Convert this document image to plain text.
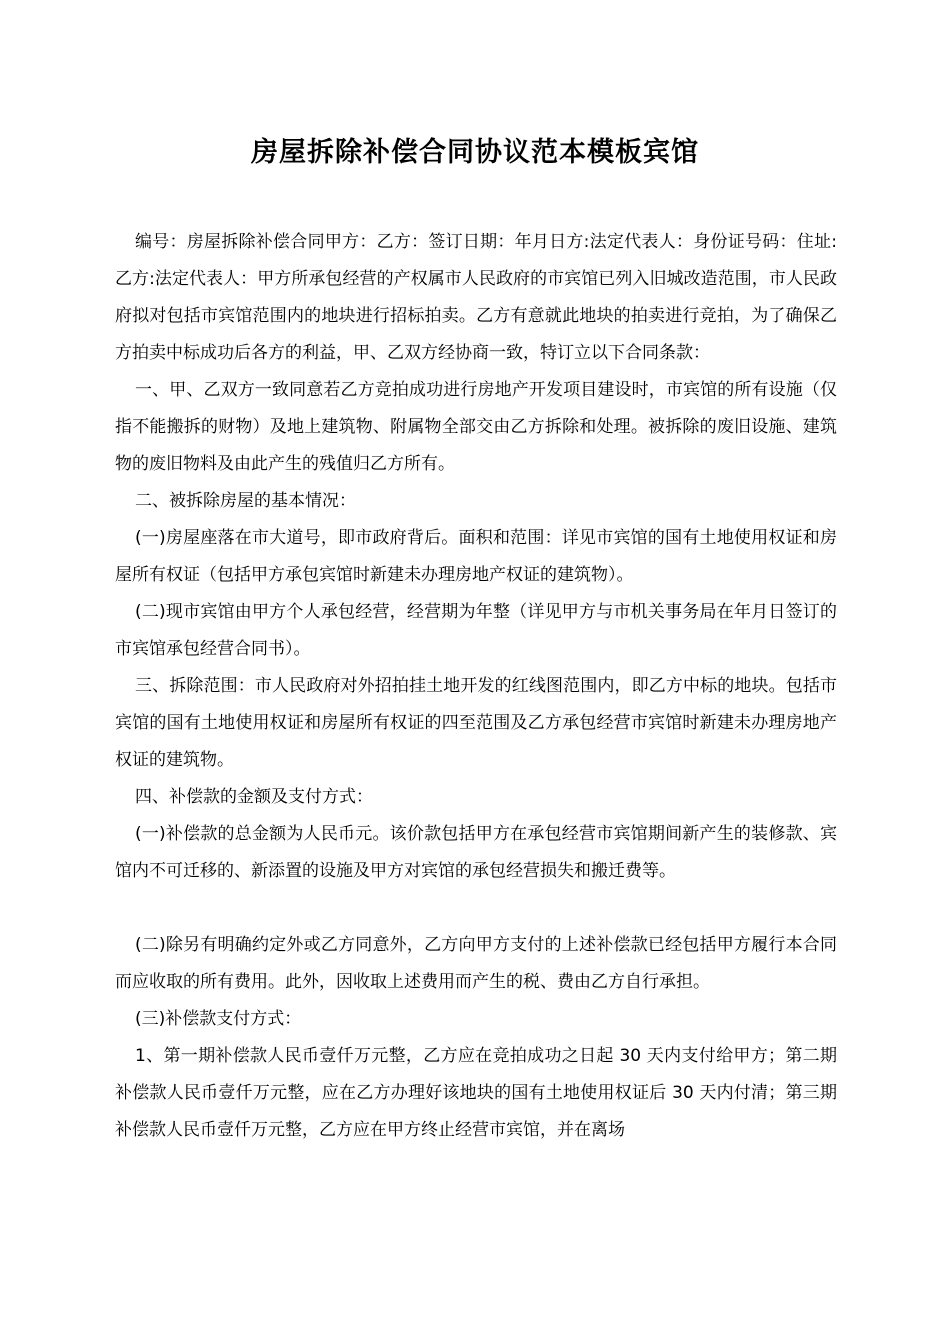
房屋拆除补偿合同协议范本模板宾馆

编号：房屋拆除补偿合同甲方：乙方：签订日期：年月日方:法定代表人：身份证号码：住址:乙方:法定代表人：甲方所承包经营的产权属市人民政府的市宾馆已列入旧城改造范围，市人民政府拟对包括市宾馆范围内的地块进行招标拍卖。乙方有意就此地块的拍卖进行竞拍，为了确保乙方拍卖中标成功后各方的利益，甲、乙双方经协商一致，特订立以下合同条款：

一、甲、乙双方一致同意若乙方竞拍成功进行房地产开发项目建设时，市宾馆的所有设施（仅指不能搬拆的财物）及地上建筑物、附属物全部交由乙方拆除和处理。被拆除的废旧设施、建筑物的废旧物料及由此产生的残值归乙方所有。

二、被拆除房屋的基本情况：

(一)房屋座落在市大道号，即市政府背后。面积和范围：详见市宾馆的国有土地使用权证和房屋所有权证（包括甲方承包宾馆时新建未办理房地产权证的建筑物）。

(二)现市宾馆由甲方个人承包经营，经营期为年整（详见甲方与市机关事务局在年月日签订的市宾馆承包经营合同书）。

三、拆除范围：市人民政府对外招拍挂土地开发的红线图范围内，即乙方中标的地块。包括市宾馆的国有土地使用权证和房屋所有权证的四至范围及乙方承包经营市宾馆时新建未办理房地产权证的建筑物。

四、补偿款的金额及支付方式：

(一)补偿款的总金额为人民币元。该价款包括甲方在承包经营市宾馆期间新产生的装修款、宾馆内不可迁移的、新添置的设施及甲方对宾馆的承包经营损失和搬迁费等。

(二)除另有明确约定外或乙方同意外，乙方向甲方支付的上述补偿款已经包括甲方履行本合同而应收取的所有费用。此外，因收取上述费用而产生的税、费由乙方自行承担。

(三)补偿款支付方式：

1、第一期补偿款人民币壹仟万元整，乙方应在竞拍成功之日起 30 天内支付给甲方；第二期补偿款人民币壹仟万元整，应在乙方办理好该地块的国有土地使用权证后 30 天内付清；第三期补偿款人民币壹仟万元整，乙方应在甲方终止经营市宾馆，并在离场
